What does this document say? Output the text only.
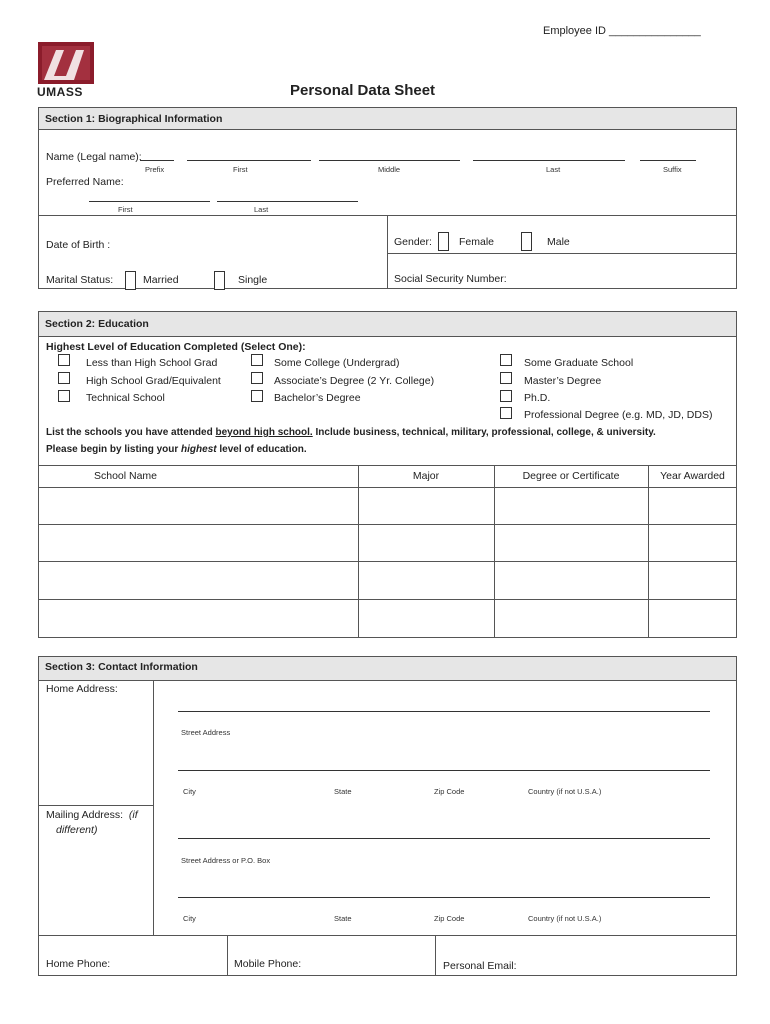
Employee ID _______________
UMASS	Personal Data Sheet
Section 1: Biographical Information
Name (Legal name):
Prefix	First	Middle	Last	Suffix
Preferred Name:
First	Last
Date of Birth :	Gender:	Female	Male
Marital Status:	Married	Single	Social Security Number:
Section 2: Education
Highest Level of Education Completed (Select One):
Less than High School Grad
High School Grad/Equivalent
Technical School
Some College (Undergrad)
Associate’s Degree (2 Yr. College)
Bachelor’s Degree
Some Graduate School
Master’s Degree
Ph.D.
Professional Degree (e.g. MD, JD, DDS)
List the schools you have attended beyond high school. Include business, technical, military, professional, college, & university.
Please begin by listing your highest level of education.
School Name	Major	Degree or Certificate	Year Awarded
Section 3: Contact Information
Home Address:
Street Address
City	State	Zip Code	Country (if not U.S.A.)
Mailing Address: (if
different)
Street Address or P.O. Box
City	State	Zip Code	Country (if not U.S.A.)
Home Phone:	Mobile Phone:	Personal Email:
